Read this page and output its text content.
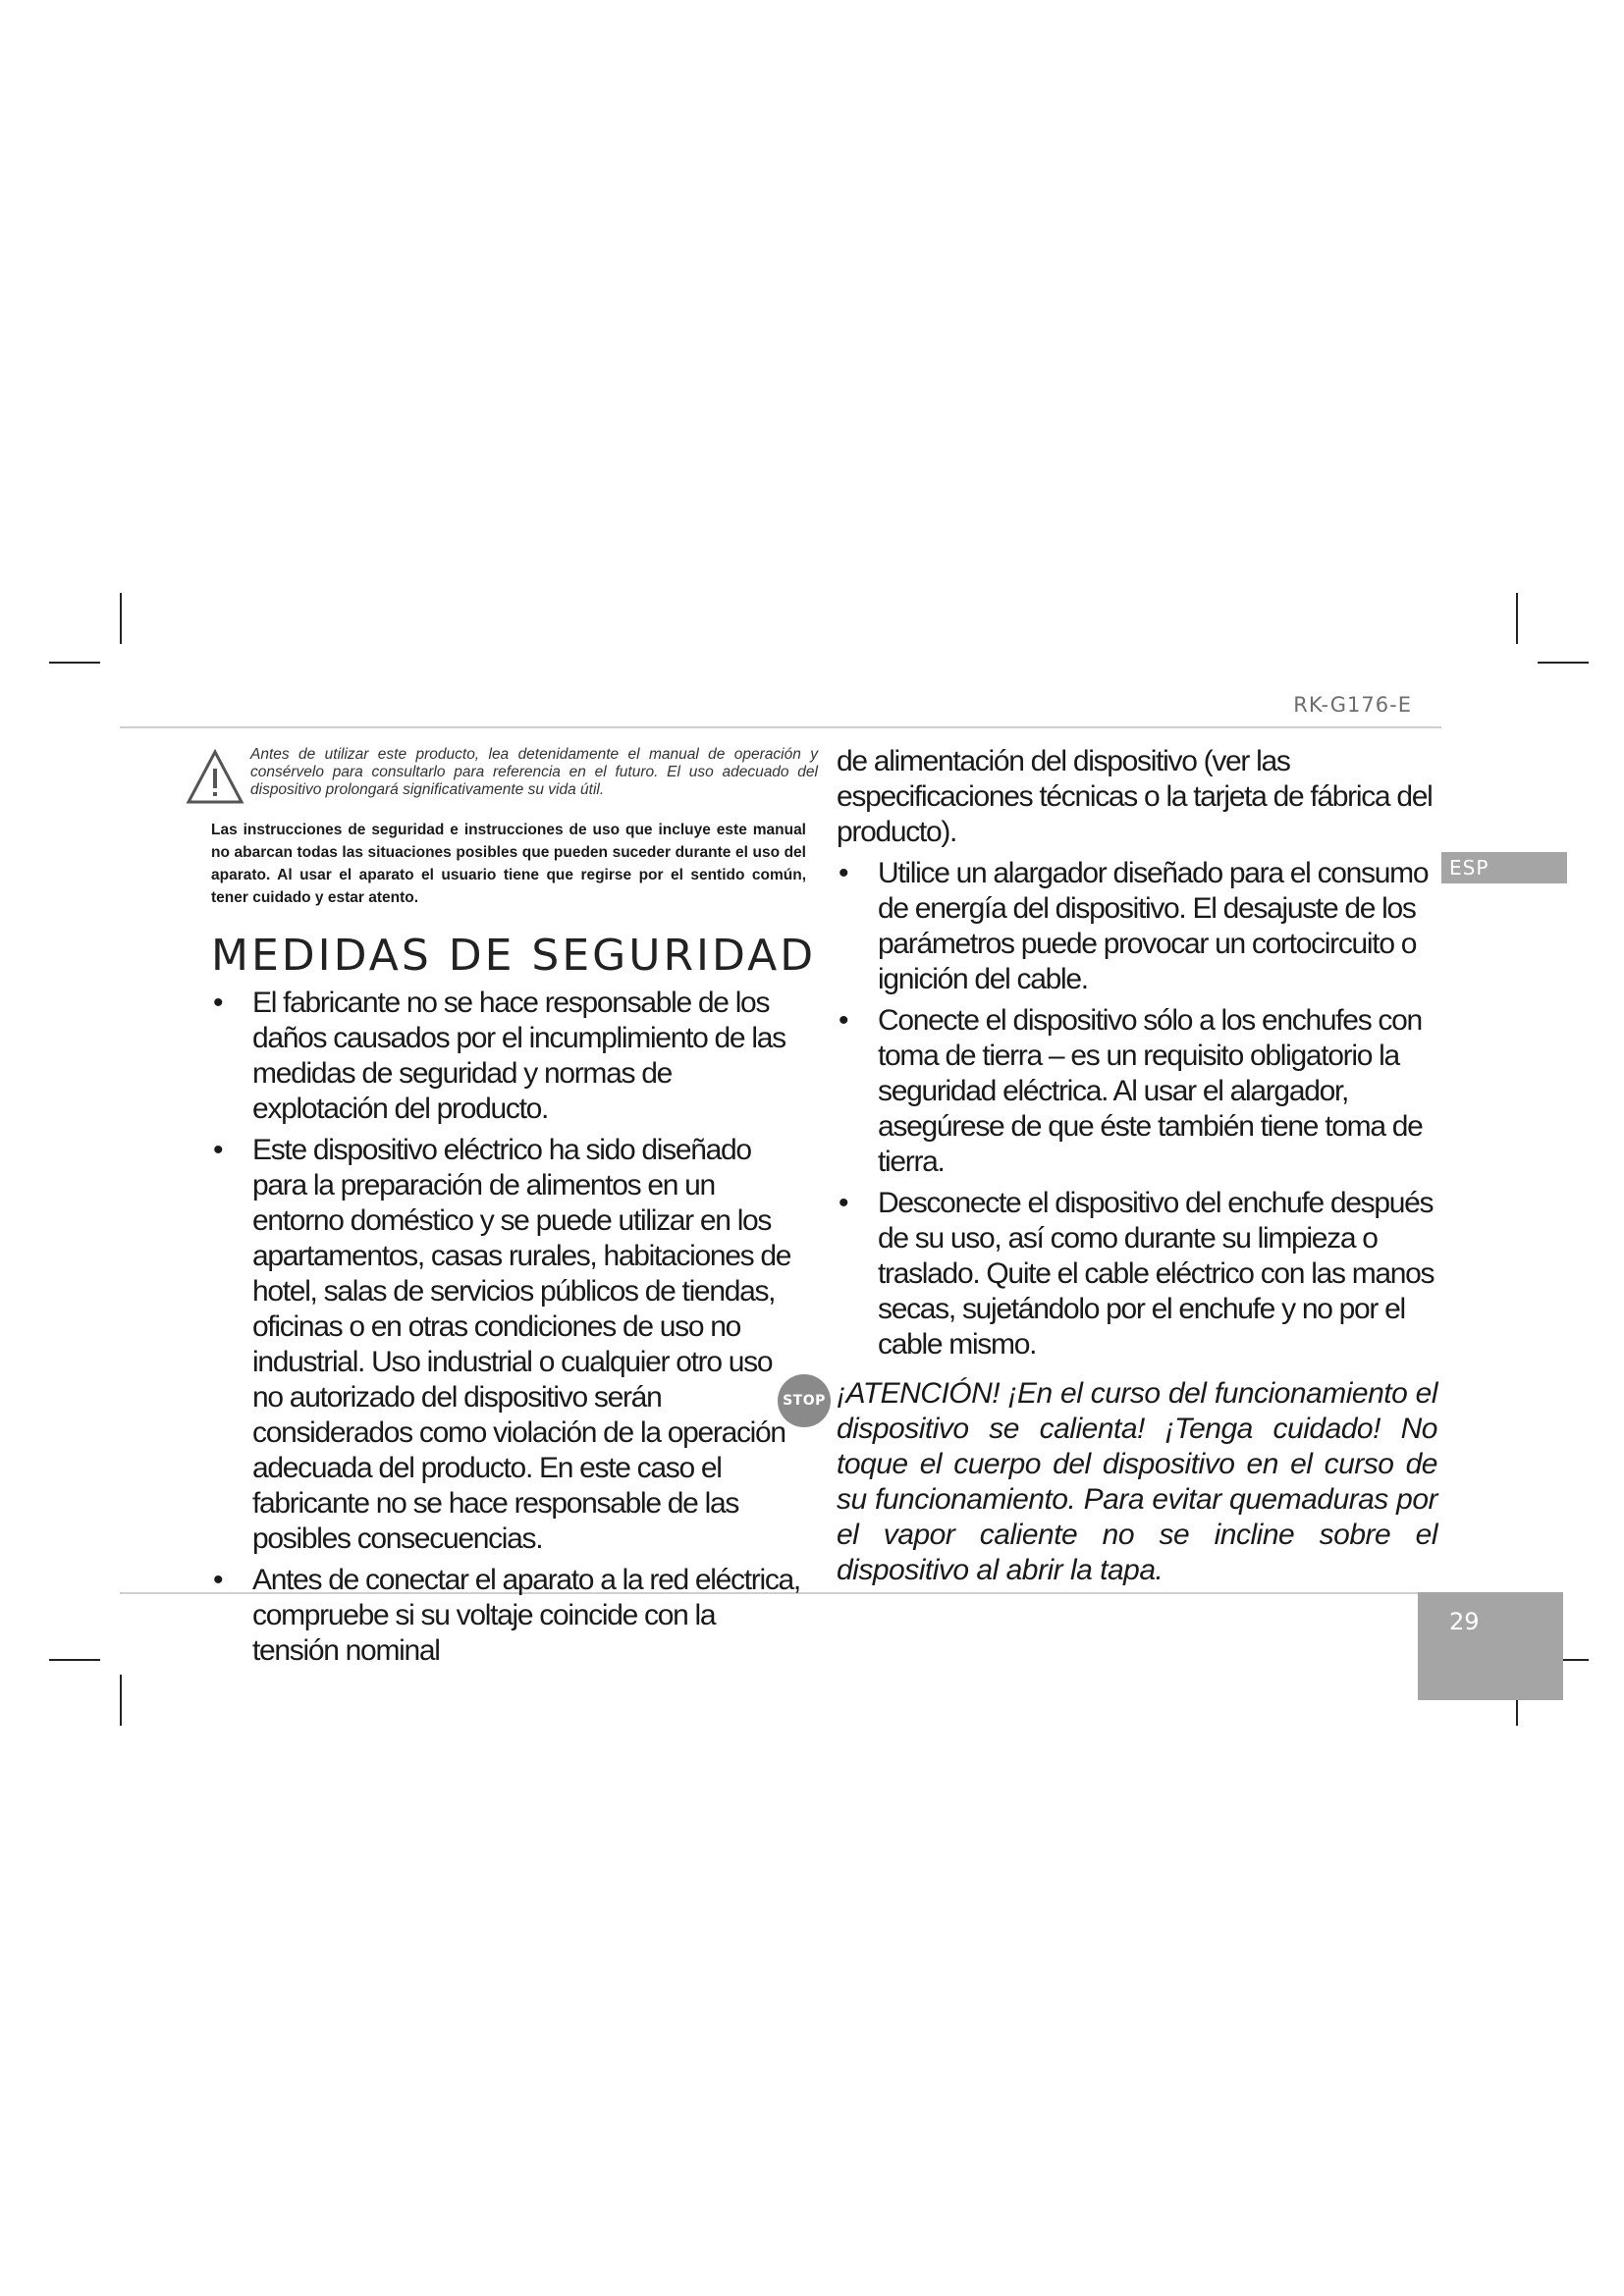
RK-G176-E
ESP
29
Antes de utilizar este producto, lea detenidamente el manual de operación y consérvelo para consultarlo para referencia en el futuro. El uso adecuado del dispositivo prolongará significativamente su vida útil.
Las instrucciones de seguridad e instrucciones de uso que incluye este manual no abarcan todas las situaciones posibles que pueden suceder durante el uso del aparato. Al usar el aparato el usuario tiene que regirse por el sentido común, tener cuidado y estar atento.
MEDIDAS DE SEGURIDAD
• El fabricante no se hace responsable de los daños causados por el incumplimiento de las medidas de seguridad y normas de explotación del producto.
• Este dispositivo eléctrico ha sido diseñado para la preparación de alimentos en un entorno doméstico y se puede utilizar en los apartamentos, casas rurales, habitaciones de hotel, salas de servicios públicos de tiendas, oficinas o en otras condiciones de uso no industrial. Uso industrial o cualquier otro uso no autorizado del dispositivo serán considerados como violación de la operación adecuada del producto. En este caso el fabricante no se hace responsable de las posibles consecuencias.
• Antes de conectar el aparato a la red eléctrica, compruebe si su voltaje coincide con la tensión nominal
de alimentación del dispositivo (ver las especificaciones técnicas o la tarjeta de fábrica del producto).
• Utilice un alargador diseñado para el consumo de energía del dispositivo. El desajuste de los parámetros puede provocar un cortocircuito o ignición del cable.
• Conecte el dispositivo sólo a los enchufes con toma de tierra – es un requisito obligatorio la seguridad eléctrica. Al usar el alargador, asegúrese de que éste también tiene toma de tierra.
• Desconecte el dispositivo del enchufe después de su uso, así como durante su limpieza o traslado. Quite el cable eléctrico con las manos secas, sujetándolo por el enchufe y no por el cable mismo.
STOP ¡ATENCIÓN! ¡En el curso del funcionamiento el dispositivo se calienta! ¡Tenga cuidado! No toque el cuerpo del dispositivo en el curso de su funcionamiento. Para evitar quemaduras por el vapor caliente no se incline sobre el dispositivo al abrir la tapa.
